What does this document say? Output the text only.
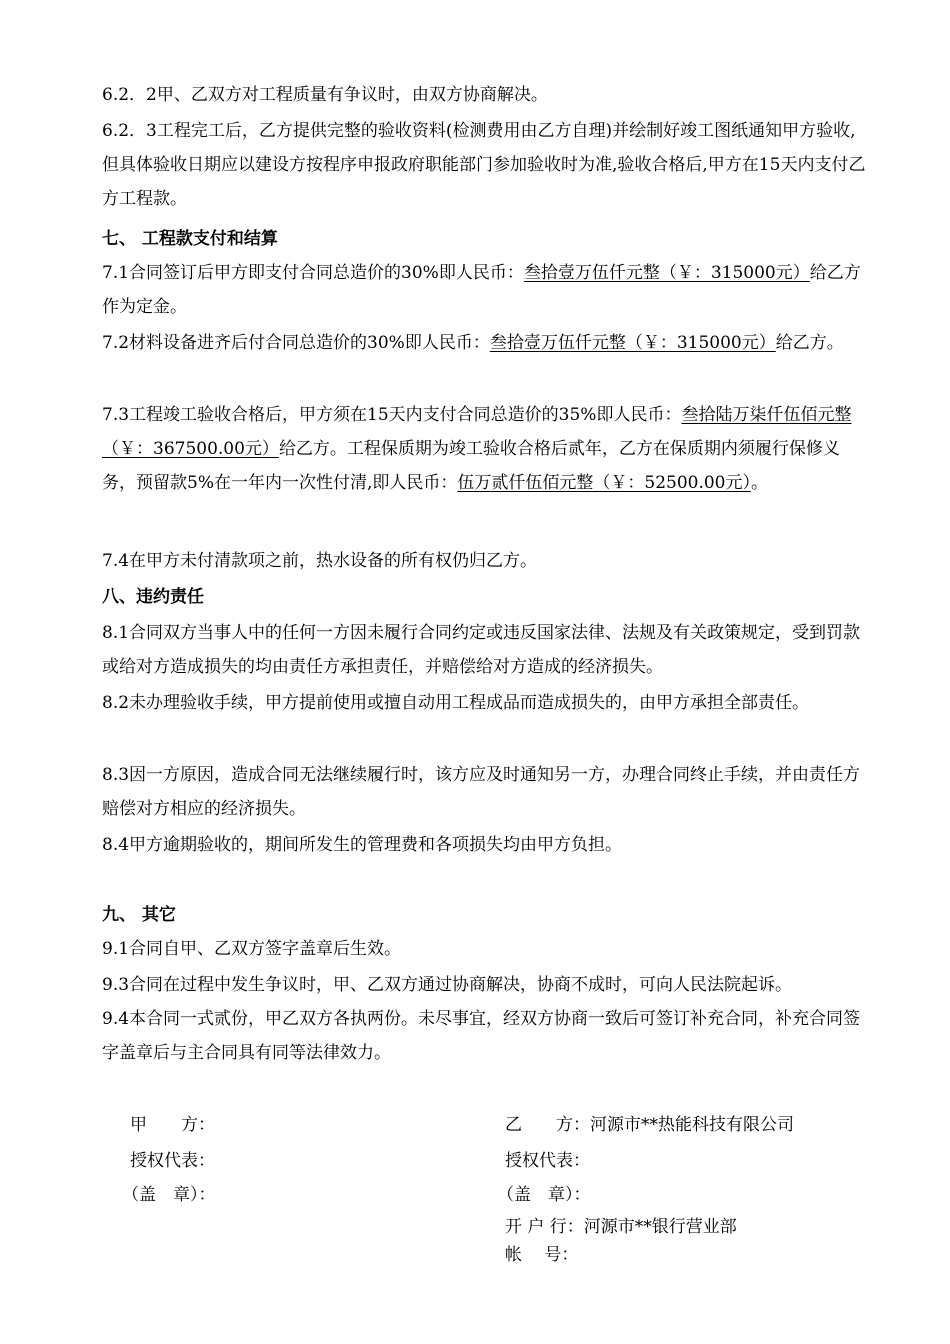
6.2．2甲、乙双方对工程质量有争议时，由双方协商解决。

6.2．3工程完工后，乙方提供完整的验收资料(检测费用由乙方自理)并绘制好竣工图纸通知甲方验收,但具体验收日期应以建设方按程序申报政府职能部门参加验收时为准,验收合格后,甲方在15天内支付乙方工程款。

七、 工程款支付和结算

7.1合同签订后甲方即支付合同总造价的30%即人民币：叁拾壹万伍仟元整（￥：315000元）给乙方作为定金。

7.2材料设备进齐后付合同总造价的30%即人民币：叁拾壹万伍仟元整（￥：315000元）给乙方。

7.3工程竣工验收合格后，甲方须在15天内支付合同总造价的35%即人民币：叁拾陆万柒仟伍佰元整（￥：367500.00元）给乙方。工程保质期为竣工验收合格后贰年，乙方在保质期内须履行保修义务，预留款5%在一年内一次性付清,即人民币：伍万贰仟伍佰元整（￥：52500.00元）。

7.4在甲方未付清款项之前，热水设备的所有权仍归乙方。

八、违约责任

8.1合同双方当事人中的任何一方因未履行合同约定或违反国家法律、法规及有关政策规定，受到罚款或给对方造成损失的均由责任方承担责任，并赔偿给对方造成的经济损失。

8.2未办理验收手续，甲方提前使用或擅自动用工程成品而造成损失的，由甲方承担全部责任。

8.3因一方原因，造成合同无法继续履行时，该方应及时通知另一方，办理合同终止手续，并由责任方赔偿对方相应的经济损失。

8.4甲方逾期验收的，期间所发生的管理费和各项损失均由甲方负担。

九、 其它

9.1合同自甲、乙双方签字盖章后生效。

9.3合同在过程中发生争议时，甲、乙双方通过协商解决，协商不成时，可向人民法院起诉。

9.4本合同一式贰份，甲乙双方各执两份。未尽事宜，经双方协商一致后可签订补充合同，补充合同签字盖章后与主合同具有同等法律效力。

甲　　方：
授权代表：
（盖　章）：
乙　　方：河源市**热能科技有限公司
授权代表：
（盖　章）：
开 户 行：河源市**银行营业部
帐　 号：
